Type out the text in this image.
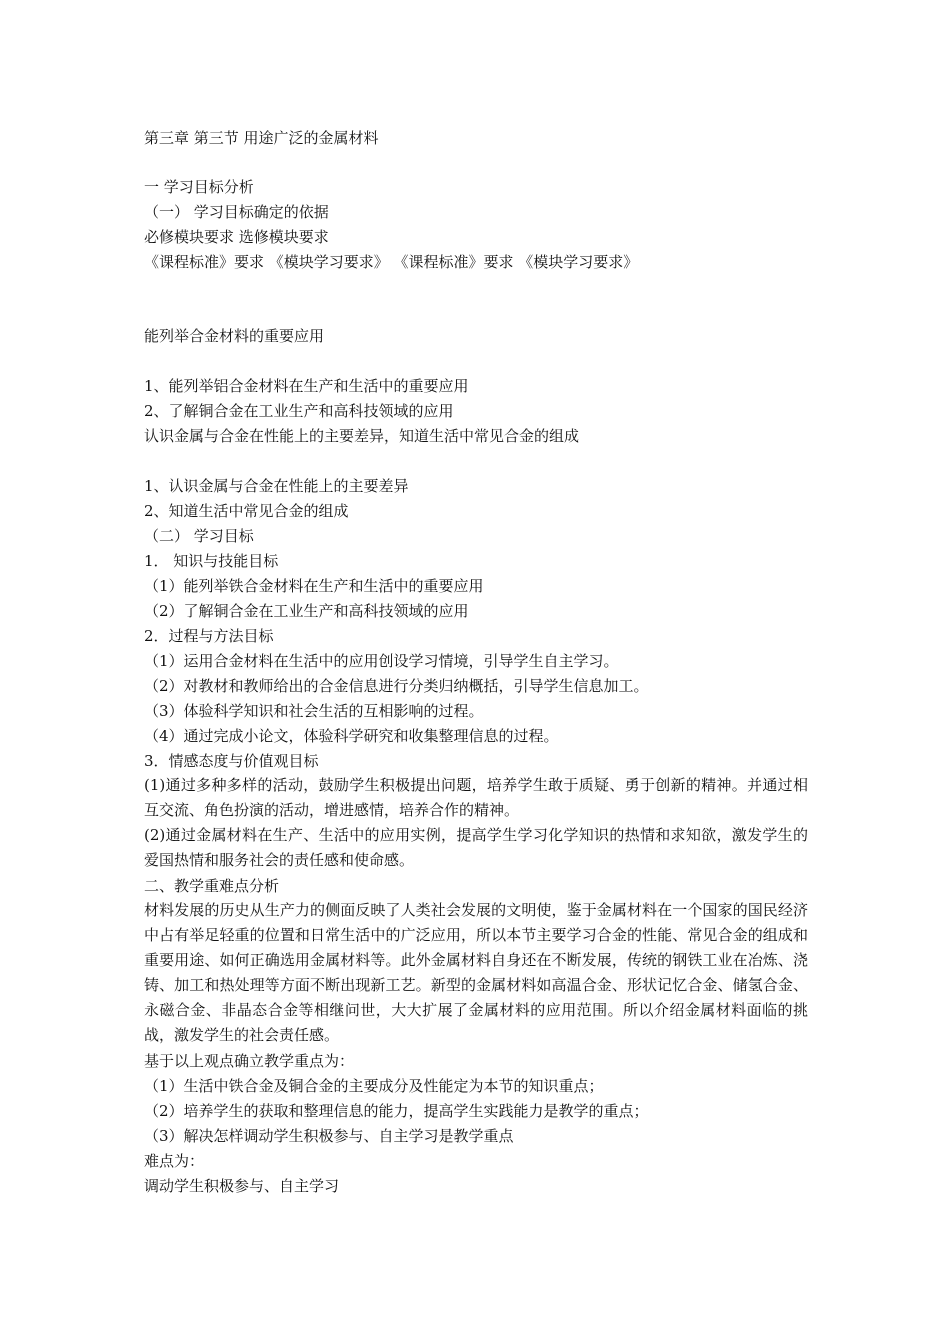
第三章 第三节 用途广泛的金属材料
一 学习目标分析
（一） 学习目标确定的依据
必修模块要求 选修模块要求
《课程标准》要求 《模块学习要求》 《课程标准》要求 《模块学习要求》
能列举合金材料的重要应用
1、能列举铝合金材料在生产和生活中的重要应用
2、了解铜合金在工业生产和高科技领域的应用
认识金属与合金在性能上的主要差异，知道生活中常见合金的组成
1、认识金属与合金在性能上的主要差异
2、知道生活中常见合金的组成
（二） 学习目标
1． 知识与技能目标
（1）能列举铁合金材料在生产和生活中的重要应用
（2）了解铜合金在工业生产和高科技领域的应用
2．过程与方法目标
（1）运用合金材料在生活中的应用创设学习情境，引导学生自主学习。
（2）对教材和教师给出的合金信息进行分类归纳概括，引导学生信息加工。
（3）体验科学知识和社会生活的互相影响的过程。
（4）通过完成小论文，体验科学研究和收集整理信息的过程。
3．情感态度与价值观目标
(1)通过多种多样的活动，鼓励学生积极提出问题，培养学生敢于质疑、勇于创新的精神。并通过相互交流、角色扮演的活动，增进感情，培养合作的精神。
(2)通过金属材料在生产、生活中的应用实例，提高学生学习化学知识的热情和求知欲，激发学生的爱国热情和服务社会的责任感和使命感。
二、教学重难点分析
材料发展的历史从生产力的侧面反映了人类社会发展的文明使，鉴于金属材料在一个国家的国民经济中占有举足轻重的位置和日常生活中的广泛应用，所以本节主要学习合金的性能、常见合金的组成和重要用途、如何正确选用金属材料等。此外金属材料自身还在不断发展，传统的钢铁工业在冶炼、浇铸、加工和热处理等方面不断出现新工艺。新型的金属材料如高温合金、形状记忆合金、储氢合金、永磁合金、非晶态合金等相继问世，大大扩展了金属材料的应用范围。所以介绍金属材料面临的挑战，激发学生的社会责任感。
基于以上观点确立教学重点为：
（1）生活中铁合金及铜合金的主要成分及性能定为本节的知识重点；
（2）培养学生的获取和整理信息的能力，提高学生实践能力是教学的重点；
（3）解决怎样调动学生积极参与、自主学习是教学重点
难点为：
调动学生积极参与、自主学习
